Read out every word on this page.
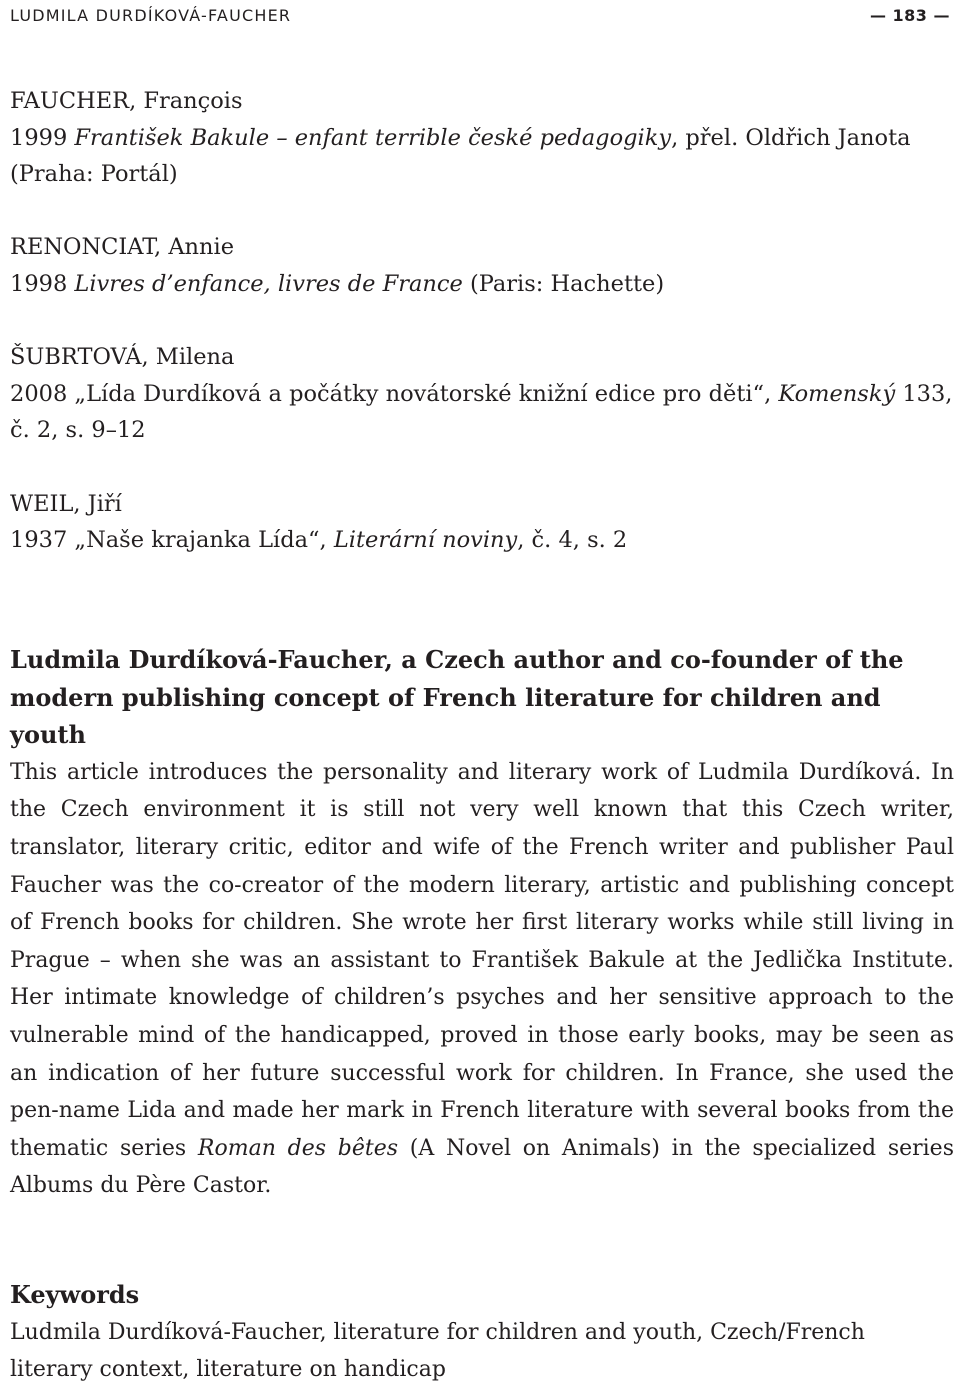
LUDMILA DURDÍKOVÁ-FAUCHER	— 183 —
FAUCHER, François
1999 František Bakule – enfant terrible české pedagogiky, přel. Oldřich Janota (Praha: Portál)
RENONCIAT, Annie
1998 Livres d’enfance, livres de France (Paris: Hachette)
ŠUBRTOVÁ, Milena
2008 „Lída Durdíková a počátky novátorské knižní edice pro děti“, Komenský 133, č. 2, s. 9–12
WEIL, Jiří
1937 „Naše krajanka Lída“, Literární noviny, č. 4, s. 2

Ludmila Durdíková-Faucher, a Czech author and co-founder of the modern publishing concept of French literature for children and youth

This article introduces the personality and literary work of Ludmila Durdíková. In the Czech environment it is still not very well known that this Czech writer, translator, literary critic, editor and wife of the French writer and publisher Paul Faucher was the co-creator of the modern literary, artistic and publishing concept of French books for children. She wrote her first literary works while still living in Prague – when she was an assistant to František Bakule at the Jedlička Institute. Her intimate knowledge of children’s psyches and her sensitive approach to the vulnerable mind of the handicapped, proved in those early books, may be seen as an indication of her future successful work for children. In France, she used the pen-name Lida and made her mark in French literature with several books from the thematic series Roman des bêtes (A Novel on Animals) in the specialized series Albums du Père Castor.

Keywords

Ludmila Durdíková-Faucher, literature for children and youth, Czech/French literary context, literature on handicap
